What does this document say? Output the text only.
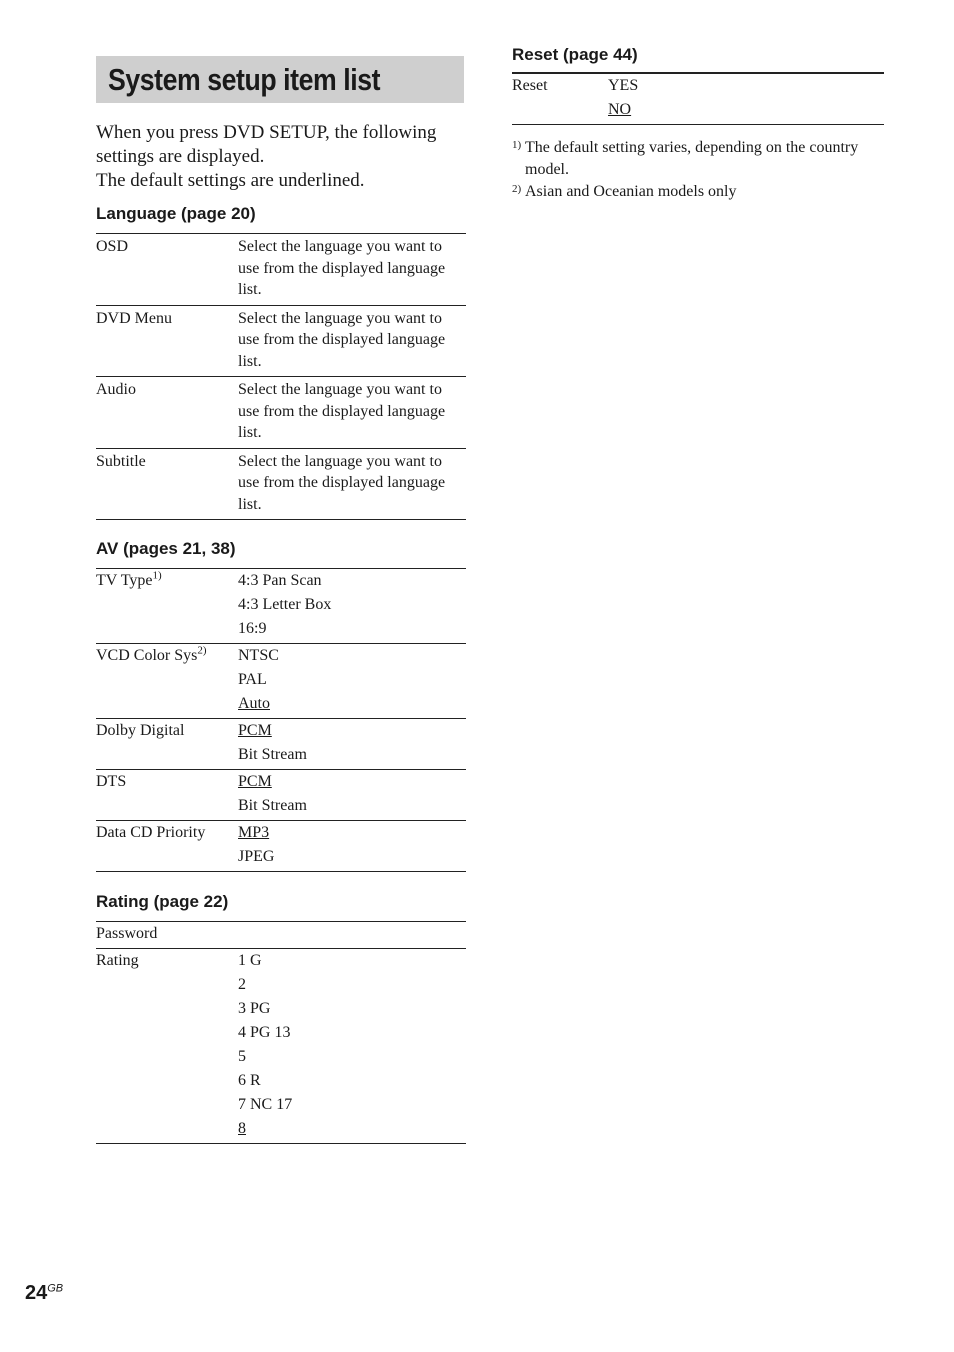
System setup item list
When you press DVD SETUP, the following
settings are displayed.
The default settings are underlined.
Language (page 20)
OSD	Select the language you want to
use from the displayed language
list.

DVD Menu	Select the language you want to
use from the displayed language
list.

Audio	Select the language you want to
use from the displayed language
list.

Subtitle	Select the language you want to
use from the displayed language
list.
AV (pages 21, 38)
TV Type$^{1)}$	4:3 Pan Scan
4:3 Letter Box
16:9

VCD Color Sys$^{2)}$	NTSC
PAL
Auto

Dolby Digital	PCM
Bit Stream

DTS	PCM
Bit Stream

Data CD Priority	MP3
JPEG
Rating (page 22)
Password
Rating	1 G
2
3 PG
4 PG 13
5
6 R
7 NC 17
8
Reset (page 44)
Reset	YES
NO
1) The default setting varies, depending on the country
model.
2) Asian and Oceanian models only
$24^{GB}$
